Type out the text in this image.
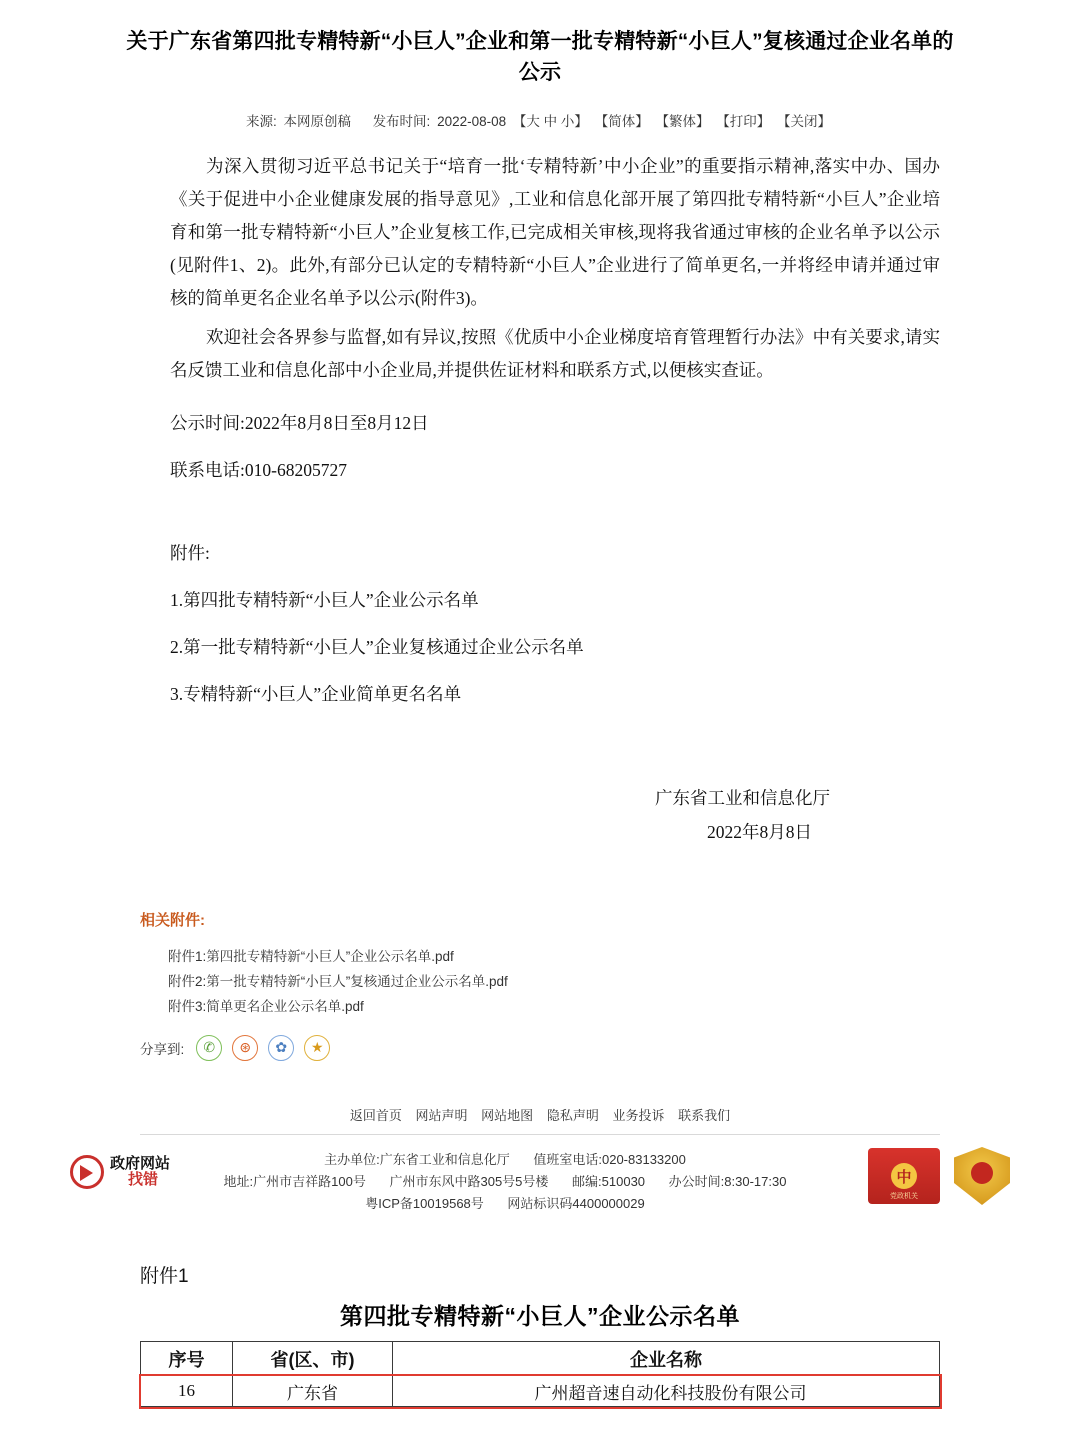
关于广东省第四批专精特新“小巨人”企业和第一批专精特新“小巨人”复核通过企业名单的公示
来源: 本网原创稿 发布时间: 2022-08-08 【大 中 小】 【简体】 【繁体】 【打印】 【关闭】

为深入贯彻习近平总书记关于“培育一批‘专精特新’中小企业”的重要指示精神,落实中办、国办《关于促进中小企业健康发展的指导意见》,工业和信息化部开展了第四批专精特新“小巨人”企业培育和第一批专精特新“小巨人”企业复核工作,已完成相关审核,现将我省通过审核的企业名单予以公示(见附件1、2)。此外,有部分已认定的专精特新“小巨人”企业进行了简单更名,一并将经申请并通过审核的简单更名企业名单予以公示(附件3)。

欢迎社会各界参与监督,如有异议,按照《优质中小企业梯度培育管理暂行办法》中有关要求,请实名反馈工业和信息化部中小企业局,并提供佐证材料和联系方式,以便核实查证。

公示时间:2022年8月8日至8月12日

联系电话:010-68205727

附件:

1.第四批专精特新“小巨人”企业公示名单

2.第一批专精特新“小巨人”企业复核通过企业公示名单

3.专精特新“小巨人”企业简单更名名单

广东省工业和信息化厅
2022年8月8日
相关附件:
附件1:第四批专精特新“小巨人”企业公示名单.pdf
附件2:第一批专精特新“小巨人”复核通过企业公示名单.pdf
附件3:简单更名企业公示名单.pdf
分享到:	✆	⊛	✿	★
返回首页 网站声明 网站地图 隐私声明 业务投诉 联系我们
政府网站
找错
主办单位:广东省工业和信息化厅 值班室电话:020-83133200
地址:广州市吉祥路100号 广州市东风中路305号5号楼 邮编:510030 办公时间:8:30-17:30
粤ICP备10019568号 网站标识码4400000029
中
党政机关
附件1
第四批专精特新“小巨人”企业公示名单
序号	省(区、市)	企业名称
16	广东省	广州超音速自动化科技股份有限公司
